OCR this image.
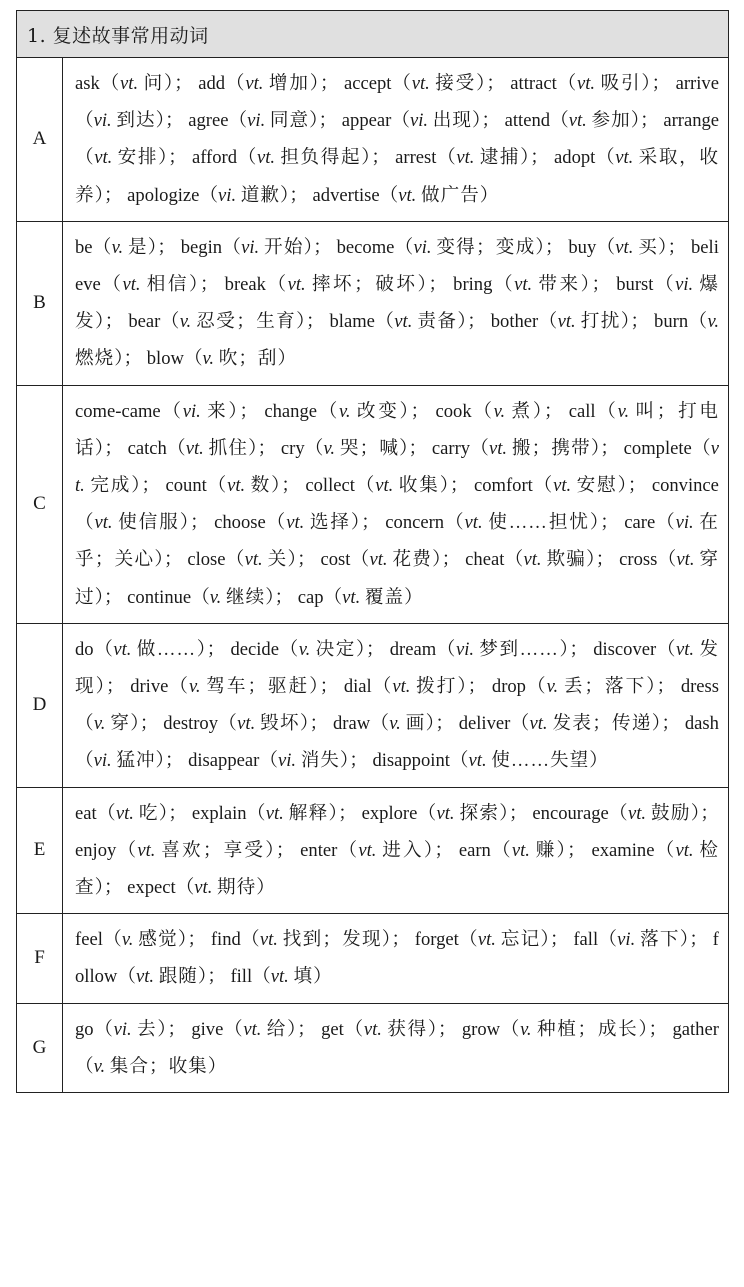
1. 复述故事常用动词	
A	ask（vt. 问）； add（vt. 增加）； accept（vt. 接受）； attract（vt. 吸引）； arrive（vi. 到达）； agree（vi. 同意）； appear（vi. 出现）； attend（vt. 参加）； arrange（vt. 安排）； afford（vt. 担负得起）； arrest（vt. 逮捕）； adopt（vt. 采取，收养）； apologize（vi. 道歉）； advertise（vt. 做广告）
B	be（v. 是）； begin（vi. 开始）； become（vi. 变得；变成）； buy（vt. 买）； believe（vt. 相信）； break（vt. 摔坏；破坏）； bring（vt. 带来）； burst（vi. 爆发）； bear（v. 忍受；生育）； blame（vt. 责备）； bother（vt. 打扰）； burn（v. 燃烧）； blow（v. 吹；刮）
C	come-came（vi. 来）； change（v. 改变）； cook（v. 煮）； call（v. 叫；打电话）； catch（vt. 抓住）； cry（v. 哭；喊）； carry（vt. 搬；携带）； complete（vt. 完成）； count（vt. 数）； collect（vt. 收集）； comfort（vt. 安慰）； convince（vt. 使信服）； choose（vt. 选择）； concern（vt. 使……担忧）； care（vi. 在乎；关心）； close（vt. 关）； cost（vt. 花费）； cheat（vt. 欺骗）； cross（vt. 穿过）； continue（v. 继续）； cap（vt. 覆盖）
D	do（vt. 做……）； decide（v. 决定）； dream（vi. 梦到……）； discover（vt. 发现）； drive（v. 驾车；驱赶）； dial（vt. 拨打）； drop（v. 丢；落下）； dress（v. 穿）； destroy（vt. 毁坏）； draw（v. 画）； deliver（vt. 发表；传递）； dash（vi. 猛冲）； disappear（vi. 消失）； disappoint（vt. 使……失望）
E	eat（vt. 吃）； explain（vt. 解释）； explore（vt. 探索）； encourage（vt. 鼓励）； enjoy（vt. 喜欢；享受）； enter（vt. 进入）； earn（vt. 赚）； examine（vt. 检查）； expect（vt. 期待）
F	feel（v. 感觉）； find（vt. 找到；发现）； forget（vt. 忘记）； fall（vi. 落下）； follow（vt. 跟随）； fill（vt. 填）
G	go（vi. 去）； give（vt. 给）； get（vt. 获得）； grow（v. 种植；成长）； gather（v. 集合；收集）
